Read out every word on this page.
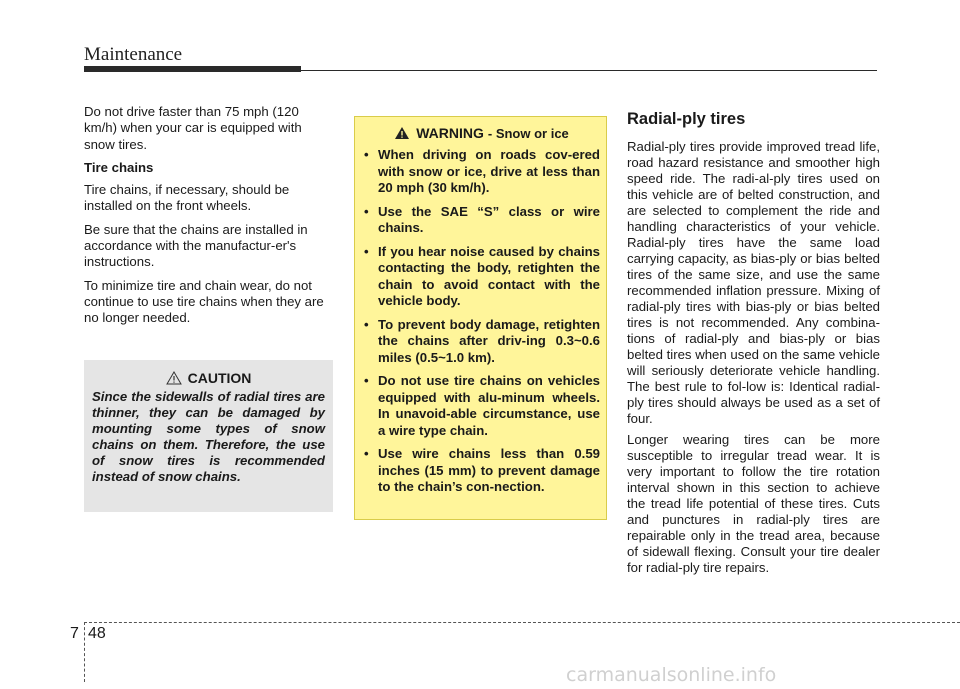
Maintenance

Do not drive faster than 75 mph (120 km/h) when your car is equipped with snow tires.

Tire chains

Tire chains, if necessary, should be installed on the front wheels.

Be sure that the chains are installed in accordance with the manufactur-er's instructions.

To minimize tire and chain wear, do not continue to use tire chains when they are no longer needed.

CAUTION
Since the sidewalls of radial tires are thinner, they can be damaged by mounting some types of snow chains on them. Therefore, the use of snow tires is recommended instead of snow chains.
WARNING - Snow or ice
• When driving on roads cov-ered with snow or ice, drive at less than 20 mph (30 km/h).
• Use the SAE “S” class or wire chains.
• If you hear noise caused by chains contacting the body, retighten the chain to avoid contact with the vehicle body.
• To prevent body damage, retighten the chains after driv-ing 0.3~0.6 miles (0.5~1.0 km).
• Do not use tire chains on vehicles equipped with alu-minum wheels. In unavoid-able circumstance, use a wire type chain.
• Use wire chains less than 0.59 inches (15 mm) to prevent damage to the chain’s con-nection.
Radial-ply tires

Radial-ply tires provide improved tread life, road hazard resistance and smoother high speed ride. The radi-al-ply tires used on this vehicle are of belted construction, and are selected to complement the ride and handling characteristics of your vehicle. Radial-ply tires have the same load carrying capacity, as bias-ply or bias belted tires of the same size, and use the same recommended inflation pressure. Mixing of radial-ply tires with bias-ply or bias belted tires is not recommended. Any combina-tions of radial-ply and bias-ply or bias belted tires when used on the same vehicle will seriously deteriorate vehicle handling. The best rule to fol-low is: Identical radial-ply tires should always be used as a set of four.

Longer wearing tires can be more susceptible to irregular tread wear. It is very important to follow the tire rotation interval shown in this section to achieve the tread life potential of these tires. Cuts and punctures in radial-ply tires are repairable only in the tread area, because of sidewall flexing. Consult your tire dealer for radial-ply tire repairs.

7 48
carmanualsonline.info
